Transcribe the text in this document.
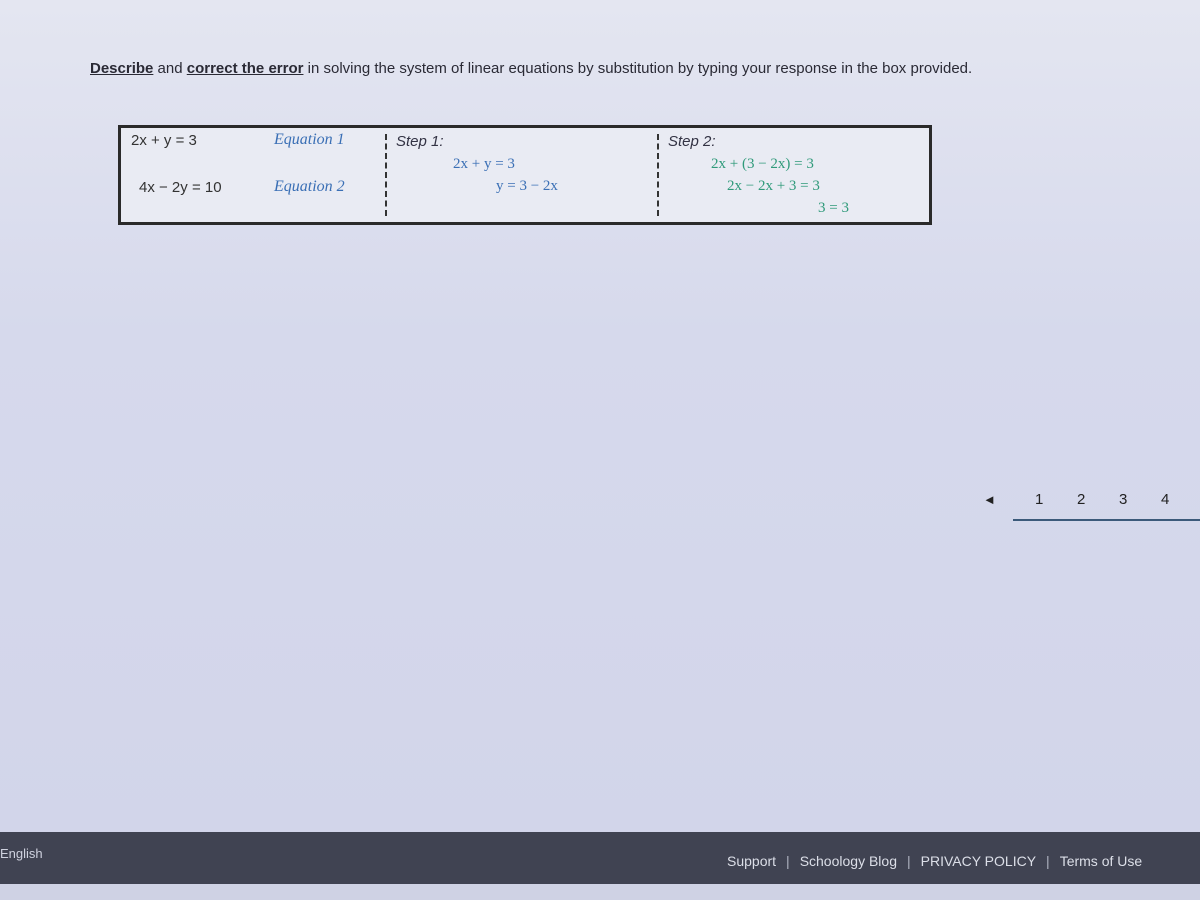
Describe and correct the error in solving the system of linear equations by substitution by typing your response in the box provided.
2x + y = 3	Equation 1
4x − 2y = 10	Equation 2
Step 1:
2x + y = 3
y = 3 − 2x
Step 2:
2x + (3 − 2x) = 3
2x − 2x + 3 = 3
3 = 3
◄	1 2 3 4
English	Support | Schoology Blog | PRIVACY POLICY | Terms of Use
